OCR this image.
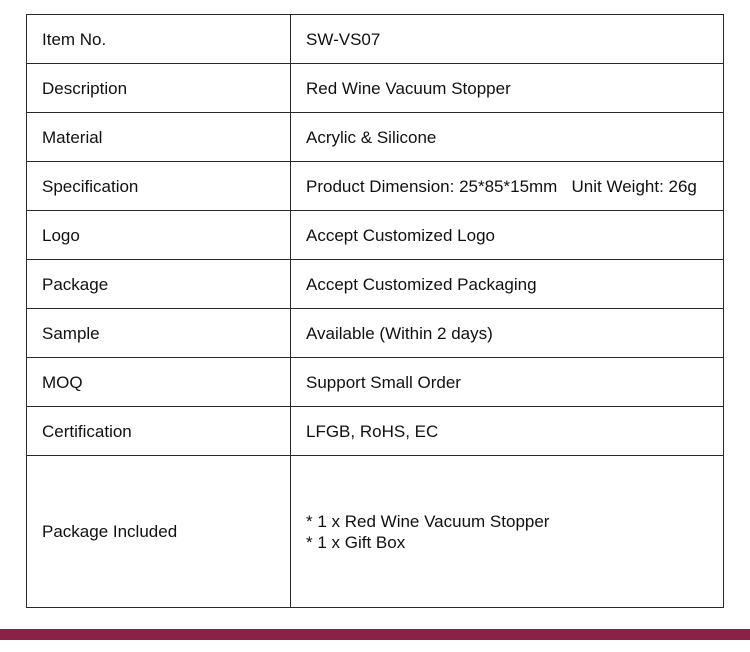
Item No.	SW-VS07
Description	Red Wine Vacuum Stopper
Material	Acrylic & Silicone
Specification	Product Dimension: 25*85*15mm   Unit Weight: 26g
Logo	Accept Customized Logo
Package	Accept Customized Packaging
Sample	Available (Within 2 days)
MOQ	Support Small Order
Certification	LFGB, RoHS, EC
Package Included	* 1 x Red Wine Vacuum Stopper
* 1 x Gift Box
